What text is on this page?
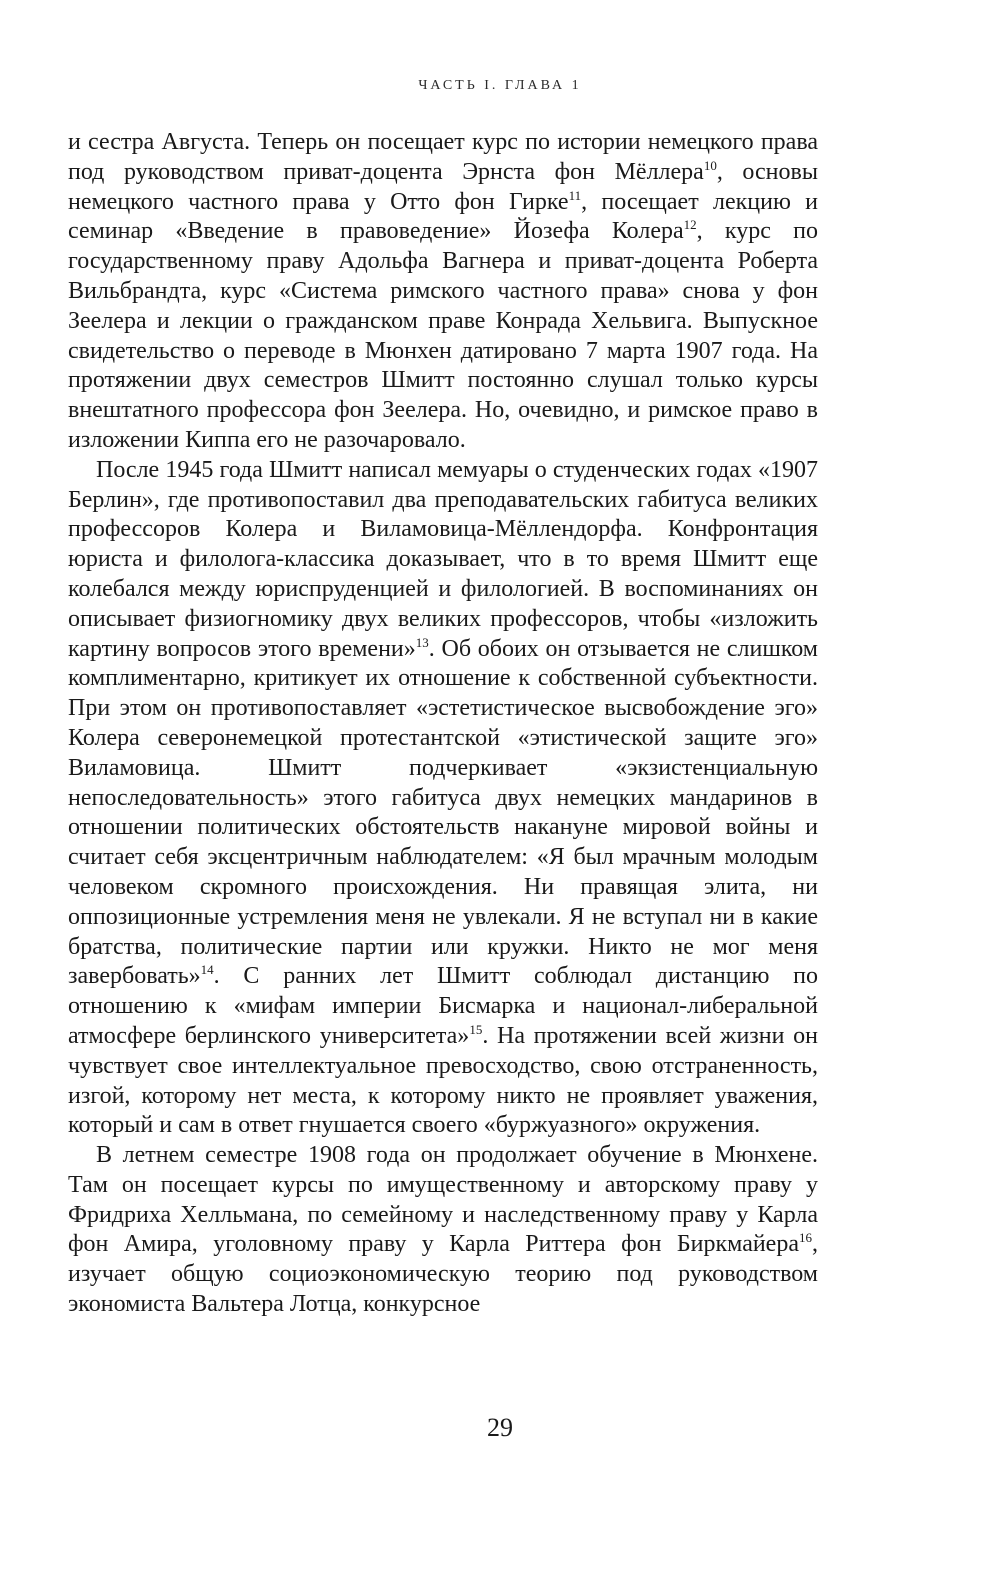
ЧАСТЬ I. ГЛАВА 1

и сестра Августа. Теперь он посещает курс по истории немецкого права под руководством приват-доцента Эрнста фон Мёллера$^{10}$, основы немецкого частного права у Отто фон Гирке$^{11}$, посещает лекцию и семинар «Введение в правоведение» Йозефа Колера$^{12}$, курс по государственному праву Адольфа Вагнера и приват-доцента Роберта Вильбрандта, курс «Система римского частного права» снова у фон Зеелера и лекции о гражданском праве Конрада Хельвига. Выпускное свидетельство о переводе в Мюнхен датировано 7 марта 1907 года. На протяжении двух семестров Шмитт постоянно слушал только курсы внештатного профессора фон Зеелера. Но, очевидно, и римское право в изложении Киппа его не разочаровало.

После 1945 года Шмитт написал мемуары о студенческих годах «1907 Берлин», где противопоставил два преподавательских габитуса великих профессоров Колера и Виламовица-Мёллендорфа. Конфронтация юриста и филолога-классика доказывает, что в то время Шмитт еще колебался между юриспруденцией и филологией. В воспоминаниях он описывает физиогномику двух великих профессоров, чтобы «изложить картину вопросов этого времени»$^{13}$. Об обоих он отзывается не слишком комплиментарно, критикует их отношение к собственной субъектности. При этом он противопоставляет «эстетистическое высвобождение эго» Колера северонемецкой протестантской «этистической защите эго» Виламовица. Шмитт подчеркивает «экзистенциальную непоследовательность» этого габитуса двух немецких мандаринов в отношении политических обстоятельств накануне мировой войны и считает себя эксцентричным наблюдателем: «Я был мрачным молодым человеком скромного происхождения. Ни правящая элита, ни оппозиционные устремления меня не увлекали. Я не вступал ни в какие братства, политические партии или кружки. Никто не мог меня завербовать»$^{14}$. С ранних лет Шмитт соблюдал дистанцию по отношению к «мифам империи Бисмарка и национал-либеральной атмосфере берлинского университета»$^{15}$. На протяжении всей жизни он чувствует свое интеллектуальное превосходство, свою отстраненность, изгой, которому нет места, к которому никто не проявляет уважения, который и сам в ответ гнушается своего «буржуазного» окружения.

В летнем семестре 1908 года он продолжает обучение в Мюнхене. Там он посещает курсы по имущественному и авторскому праву у Фридриха Хелльмана, по семейному и наследственному праву у Карла фон Амира, уголовному праву у Карла Риттера фон Биркмайера$^{16}$, изучает общую социоэкономическую теорию под руководством экономиста Вальтера Лотца, конкурсное

29
